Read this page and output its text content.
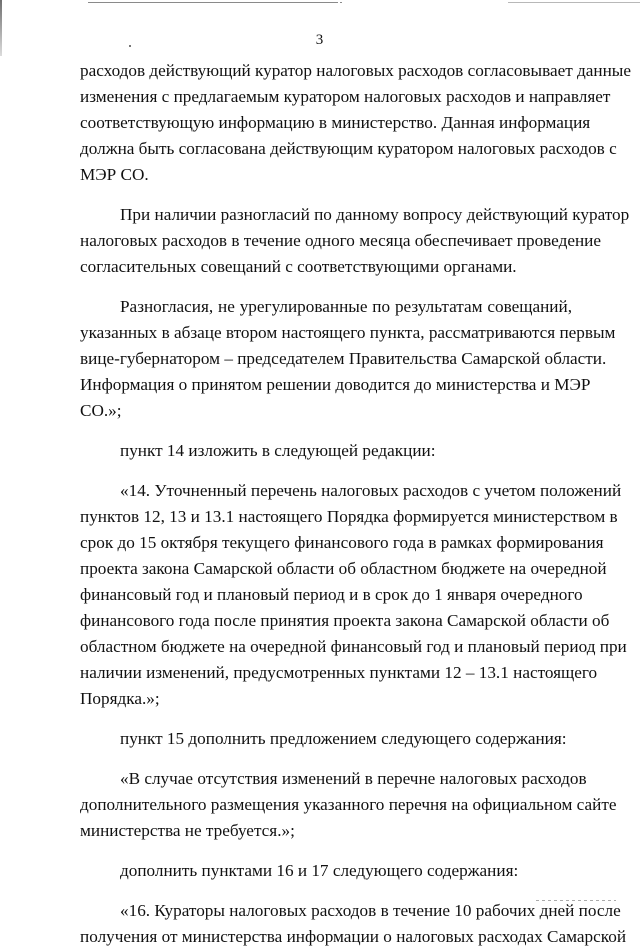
3
расходов действующий куратор налоговых расходов согласовывает данные
изменения с предлагаемым куратором налоговых расходов и направляет
соответствующую информацию в министерство. Данная информация
должна быть согласована действующим куратором налоговых расходов с
МЭР СО.
При наличии разногласий по данному вопросу действующий куратор
налоговых расходов в течение одного месяца обеспечивает проведение
согласительных совещаний с соответствующими органами.
Разногласия, не урегулированные по результатам совещаний,
указанных в абзаце втором настоящего пункта, рассматриваются первым
вице-губернатором – председателем Правительства Самарской области.
Информация о принятом решении доводится до министерства и МЭР
СО.»;
пункт 14 изложить в следующей редакции:
«14. Уточненный перечень налоговых расходов с учетом положений
пунктов 12, 13 и 13.1 настоящего Порядка формируется министерством в
срок до 15 октября текущего финансового года в рамках формирования
проекта закона Самарской области об областном бюджете на очередной
финансовый год и плановый период и в срок до 1 января очередного
финансового года после принятия проекта закона Самарской области об
областном бюджете на очередной финансовый год и плановый период при
наличии изменений, предусмотренных пунктами 12 – 13.1 настоящего
Порядка.»;
пункт 15 дополнить предложением следующего содержания:
«В случае отсутствия изменений в перечне налоговых расходов
дополнительного размещения указанного перечня на официальном сайте
министерства не требуется.»;
дополнить пунктами 16 и 17 следующего содержания:
«16. Кураторы налоговых расходов в течение 10 рабочих дней после
получения от министерства информации о налоговых расходах Самарской
